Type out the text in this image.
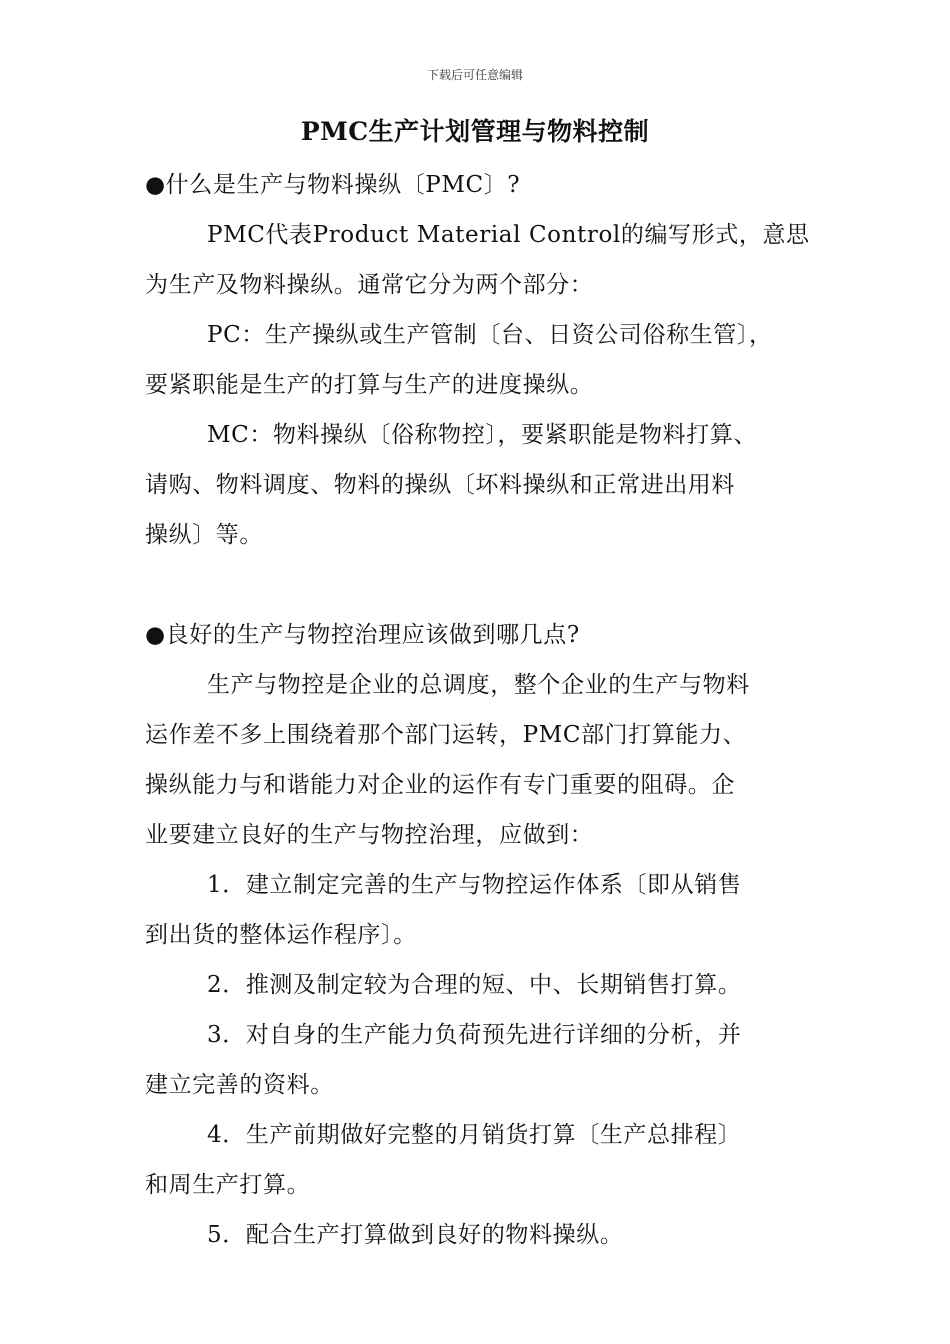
下载后可任意编辑
PMC生产计划管理与物料控制
●什么是生产与物料操纵〔PMC〕?
PMC代表Product Material Control的编写形式，意思
为生产及物料操纵。通常它分为两个部分：
PC：生产操纵或生产管制〔台、日资公司俗称生管〕，
要紧职能是生产的打算与生产的进度操纵。
MC：物料操纵〔俗称物控〕，要紧职能是物料打算、
请购、物料调度、物料的操纵〔坏料操纵和正常进出用料
操纵〕等。
●良好的生产与物控治理应该做到哪几点?
生产与物控是企业的总调度，整个企业的生产与物料
运作差不多上围绕着那个部门运转，PMC部门打算能力、
操纵能力与和谐能力对企业的运作有专门重要的阻碍。企
业要建立良好的生产与物控治理，应做到：
1．建立制定完善的生产与物控运作体系〔即从销售
到出货的整体运作程序〕。
2．推测及制定较为合理的短、中、长期销售打算。
3．对自身的生产能力负荷预先进行详细的分析，并
建立完善的资料。
4．生产前期做好完整的月销货打算〔生产总排程〕
和周生产打算。
5．配合生产打算做到良好的物料操纵。
